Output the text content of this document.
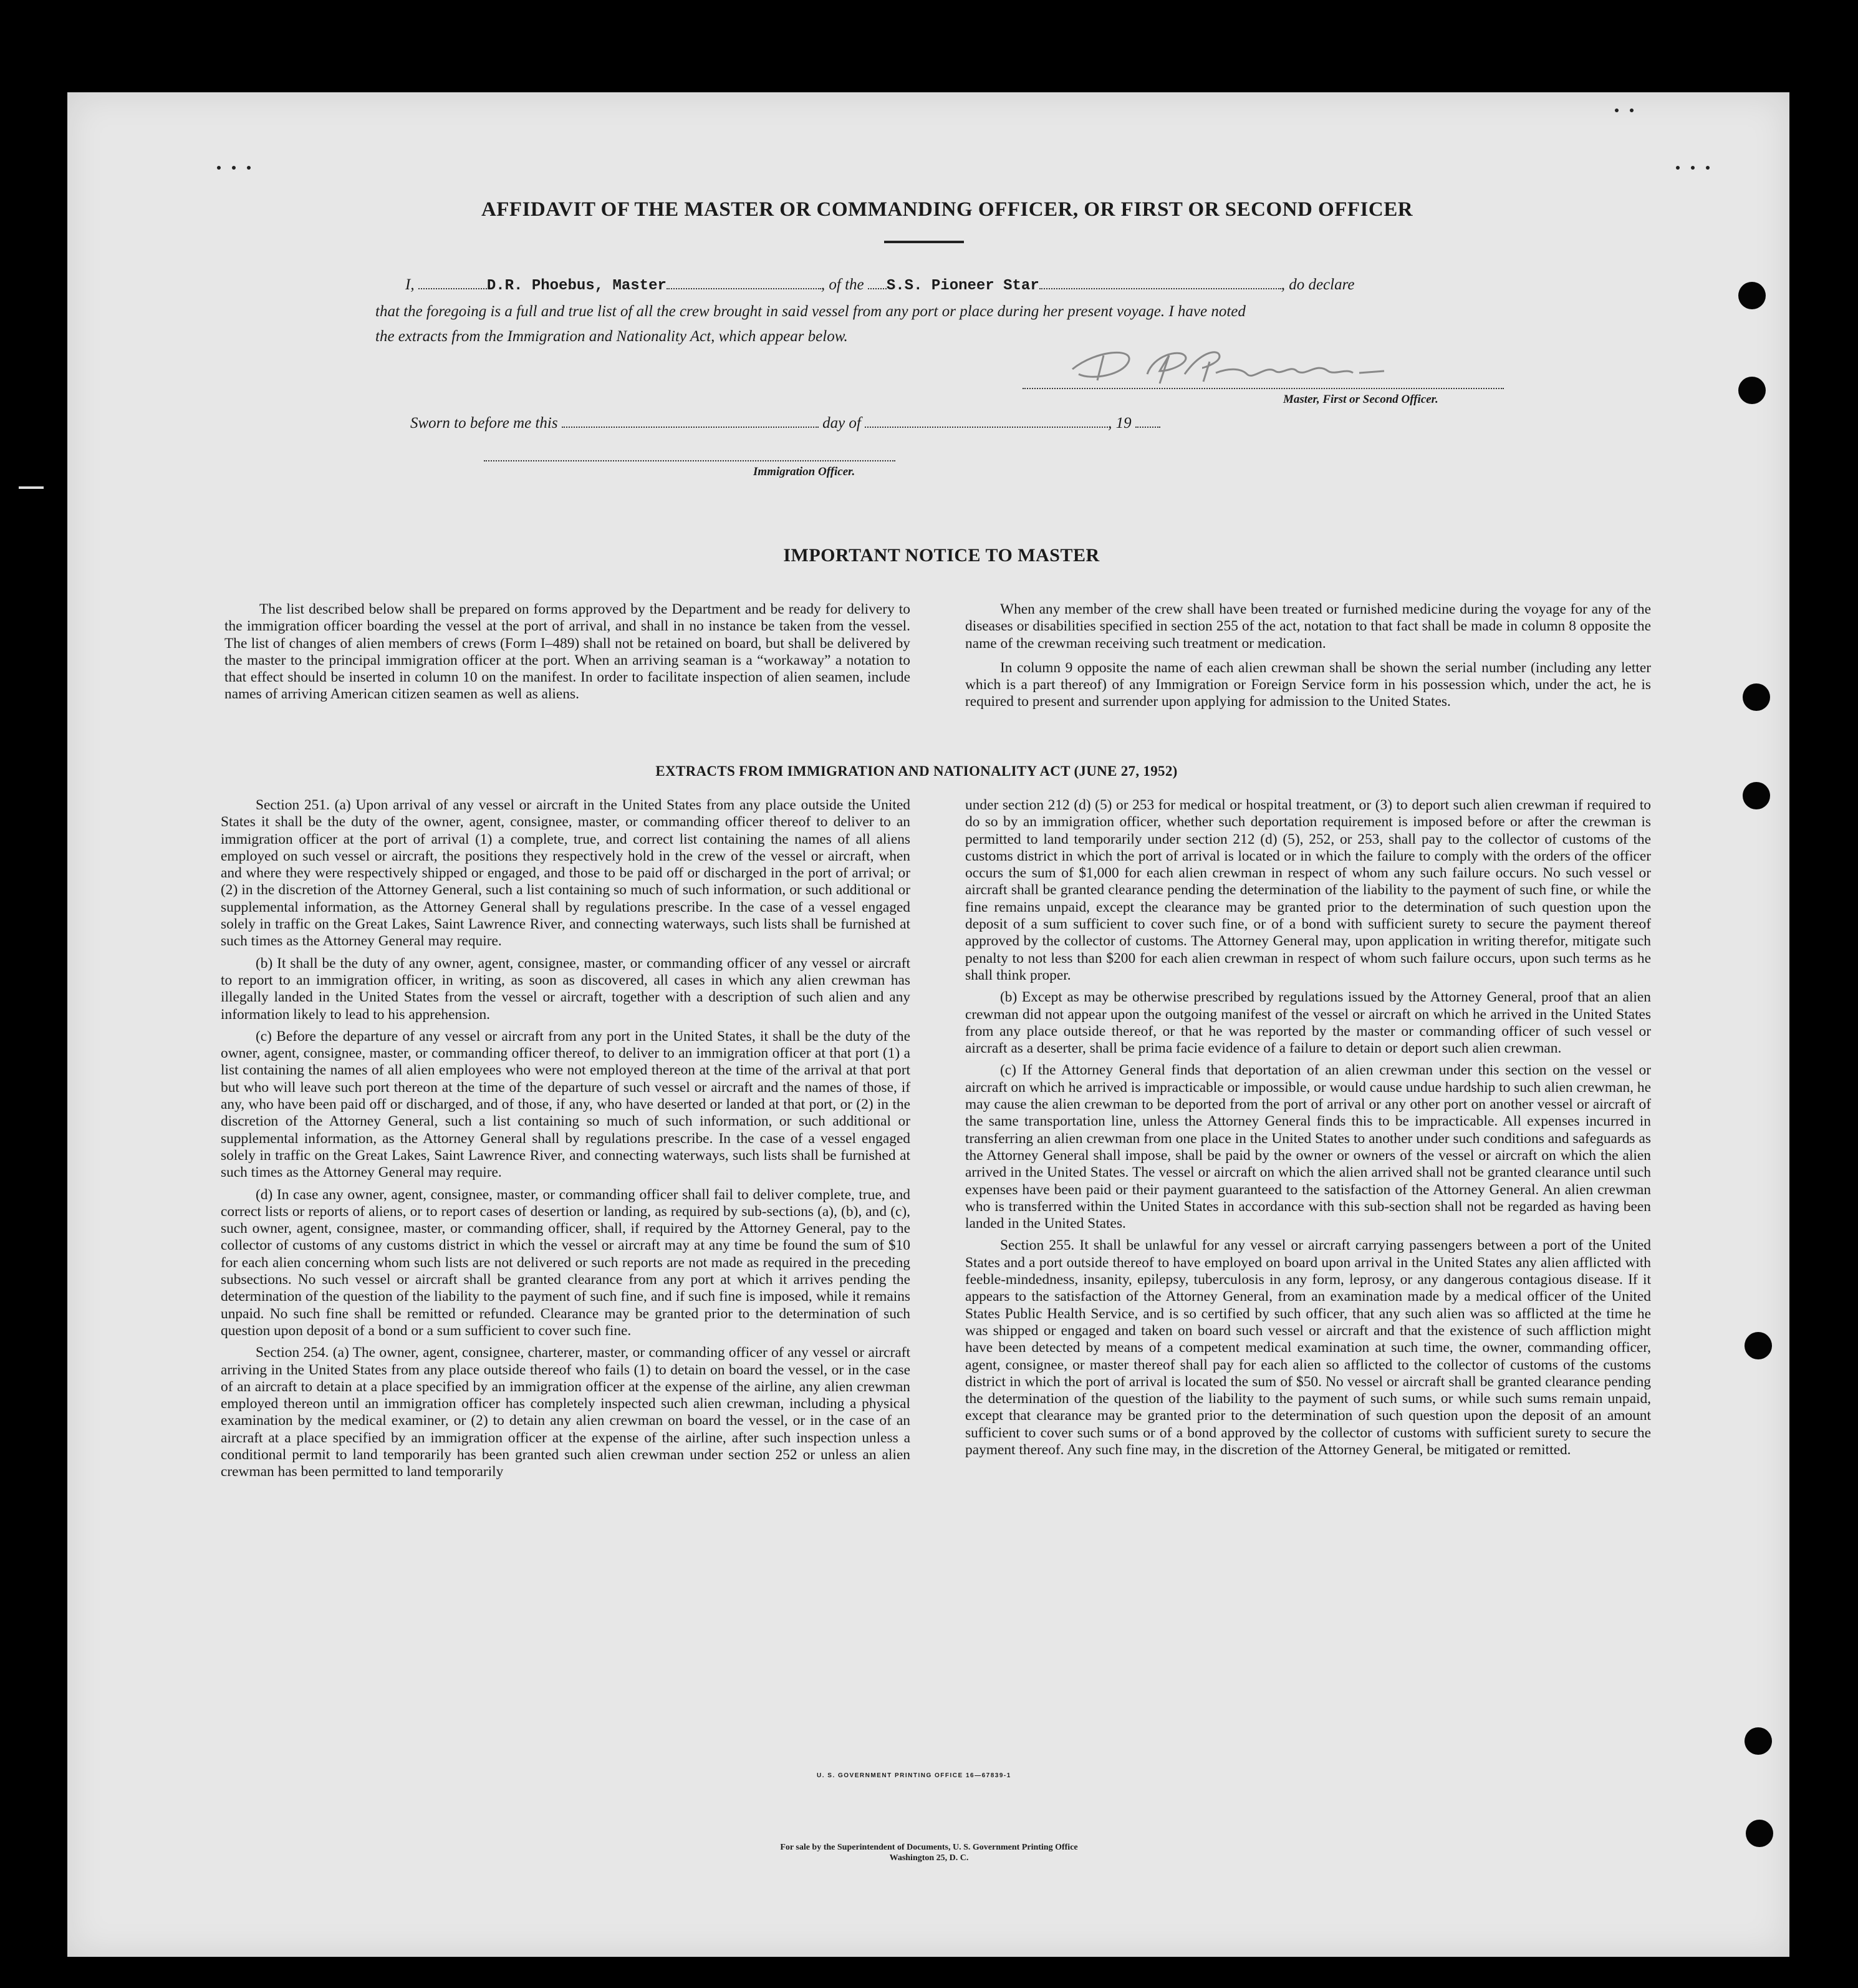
AFFIDAVIT OF THE MASTER OR COMMANDING OFFICER, OR FIRST OR SECOND OFFICER
I,	D.R. Phoebus, Master	, of the S.S. Pioneer Star	, do declare
that the foregoing is a full and true list of all the crew brought in said vessel from any port or place during her present voyage. I have noted
the extracts from the Immigration and Nationality Act, which appear below.
Master, First or Second Officer.
Sworn to before me this	day of	, 19
Immigration Officer.
IMPORTANT NOTICE TO MASTER

The list described below shall be prepared on forms approved by the Department and be ready for delivery to the immigration officer boarding the vessel at the port of arrival, and shall in no instance be taken from the vessel. The list of changes of alien members of crews (Form I–489) shall not be retained on board, but shall be delivered by the master to the principal immigration officer at the port. When an arriving seaman is a “workaway” a notation to that effect should be inserted in column 10 on the manifest. In order to facilitate inspection of alien seamen, include names of arriving American citizen seamen as well as aliens.

When any member of the crew shall have been treated or furnished medicine during the voyage for any of the diseases or disabilities specified in section 255 of the act, notation to that fact shall be made in column 8 opposite the name of the crewman receiving such treatment or medication.

In column 9 opposite the name of each alien crewman shall be shown the serial number (including any letter which is a part thereof) of any Immigration or Foreign Service form in his possession which, under the act, he is required to present and surrender upon applying for admission to the United States.

EXTRACTS FROM IMMIGRATION AND NATIONALITY ACT (JUNE 27, 1952)

Section 251. (a) Upon arrival of any vessel or aircraft in the United States from any place outside the United States it shall be the duty of the owner, agent, consignee, master, or commanding officer thereof to deliver to an immigration officer at the port of arrival (1) a complete, true, and correct list containing the names of all aliens employed on such vessel or aircraft, the positions they respectively hold in the crew of the vessel or aircraft, when and where they were respectively shipped or engaged, and those to be paid off or discharged in the port of arrival; or (2) in the discretion of the Attorney General, such a list containing so much of such information, or such additional or supplemental information, as the Attorney General shall by regulations prescribe. In the case of a vessel engaged solely in traffic on the Great Lakes, Saint Lawrence River, and connecting waterways, such lists shall be furnished at such times as the Attorney General may require.

(b) It shall be the duty of any owner, agent, consignee, master, or commanding officer of any vessel or aircraft to report to an immigration officer, in writing, as soon as discovered, all cases in which any alien crewman has illegally landed in the United States from the vessel or aircraft, together with a description of such alien and any information likely to lead to his apprehension.

(c) Before the departure of any vessel or aircraft from any port in the United States, it shall be the duty of the owner, agent, consignee, master, or commanding officer thereof, to deliver to an immigration officer at that port (1) a list containing the names of all alien employees who were not employed thereon at the time of the arrival at that port but who will leave such port thereon at the time of the departure of such vessel or aircraft and the names of those, if any, who have been paid off or discharged, and of those, if any, who have deserted or landed at that port, or (2) in the discretion of the Attorney General, such a list containing so much of such information, or such additional or supplemental information, as the Attorney General shall by regulations prescribe. In the case of a vessel engaged solely in traffic on the Great Lakes, Saint Lawrence River, and connecting waterways, such lists shall be furnished at such times as the Attorney General may require.

(d) In case any owner, agent, consignee, master, or commanding officer shall fail to deliver complete, true, and correct lists or reports of aliens, or to report cases of desertion or landing, as required by sub-sections (a), (b), and (c), such owner, agent, consignee, master, or commanding officer, shall, if required by the Attorney General, pay to the collector of customs of any customs district in which the vessel or aircraft may at any time be found the sum of $10 for each alien concerning whom such lists are not delivered or such reports are not made as required in the preceding subsections. No such vessel or aircraft shall be granted clearance from any port at which it arrives pending the determination of the question of the liability to the payment of such fine, and if such fine is imposed, while it remains unpaid. No such fine shall be remitted or refunded. Clearance may be granted prior to the determination of such question upon deposit of a bond or a sum sufficient to cover such fine.

Section 254. (a) The owner, agent, consignee, charterer, master, or commanding officer of any vessel or aircraft arriving in the United States from any place outside thereof who fails (1) to detain on board the vessel, or in the case of an aircraft to detain at a place specified by an immigration officer at the expense of the airline, any alien crewman employed thereon until an immigration officer has completely inspected such alien crewman, including a physical examination by the medical examiner, or (2) to detain any alien crewman on board the vessel, or in the case of an aircraft at a place specified by an immigration officer at the expense of the airline, after such inspection unless a conditional permit to land temporarily has been granted such alien crewman under section 252 or unless an alien crewman has been permitted to land temporarily

under section 212 (d) (5) or 253 for medical or hospital treatment, or (3) to deport such alien crewman if required to do so by an immigration officer, whether such deportation requirement is imposed before or after the crewman is permitted to land temporarily under section 212 (d) (5), 252, or 253, shall pay to the collector of customs of the customs district in which the port of arrival is located or in which the failure to comply with the orders of the officer occurs the sum of $1,000 for each alien crewman in respect of whom any such failure occurs. No such vessel or aircraft shall be granted clearance pending the determination of the liability to the payment of such fine, or while the fine remains unpaid, except the clearance may be granted prior to the determination of such question upon the deposit of a sum sufficient to cover such fine, or of a bond with sufficient surety to secure the payment thereof approved by the collector of customs. The Attorney General may, upon application in writing therefor, mitigate such penalty to not less than $200 for each alien crewman in respect of whom such failure occurs, upon such terms as he shall think proper.

(b) Except as may be otherwise prescribed by regulations issued by the Attorney General, proof that an alien crewman did not appear upon the outgoing manifest of the vessel or aircraft on which he arrived in the United States from any place outside thereof, or that he was reported by the master or commanding officer of such vessel or aircraft as a deserter, shall be prima facie evidence of a failure to detain or deport such alien crewman.

(c) If the Attorney General finds that deportation of an alien crewman under this section on the vessel or aircraft on which he arrived is impracticable or impossible, or would cause undue hardship to such alien crewman, he may cause the alien crewman to be deported from the port of arrival or any other port on another vessel or aircraft of the same transportation line, unless the Attorney General finds this to be impracticable. All expenses incurred in transferring an alien crewman from one place in the United States to another under such conditions and safeguards as the Attorney General shall impose, shall be paid by the owner or owners of the vessel or aircraft on which the alien arrived in the United States. The vessel or aircraft on which the alien arrived shall not be granted clearance until such expenses have been paid or their payment guaranteed to the satisfaction of the Attorney General. An alien crewman who is transferred within the United States in accordance with this sub-section shall not be regarded as having been landed in the United States.

Section 255. It shall be unlawful for any vessel or aircraft carrying passengers between a port of the United States and a port outside thereof to have employed on board upon arrival in the United States any alien afflicted with feeble-mindedness, insanity, epilepsy, tuberculosis in any form, leprosy, or any dangerous contagious disease. If it appears to the satisfaction of the Attorney General, from an examination made by a medical officer of the United States Public Health Service, and is so certified by such officer, that any such alien was so afflicted at the time he was shipped or engaged and taken on board such vessel or aircraft and that the existence of such affliction might have been detected by means of a competent medical examination at such time, the owner, commanding officer, agent, consignee, or master thereof shall pay for each alien so afflicted to the collector of customs of the customs district in which the port of arrival is located the sum of $50. No vessel or aircraft shall be granted clearance pending the determination of the question of the liability to the payment of such sums, or while such sums remain unpaid, except that clearance may be granted prior to the determination of such question upon the deposit of an amount sufficient to cover such sums or of a bond approved by the collector of customs with sufficient surety to secure the payment thereof. Any such fine may, in the discretion of the Attorney General, be mitigated or remitted.

U. S. GOVERNMENT PRINTING OFFICE 16—67839-1
For sale by the Superintendent of Documents, U. S. Government Printing Office
Washington 25, D. C.
